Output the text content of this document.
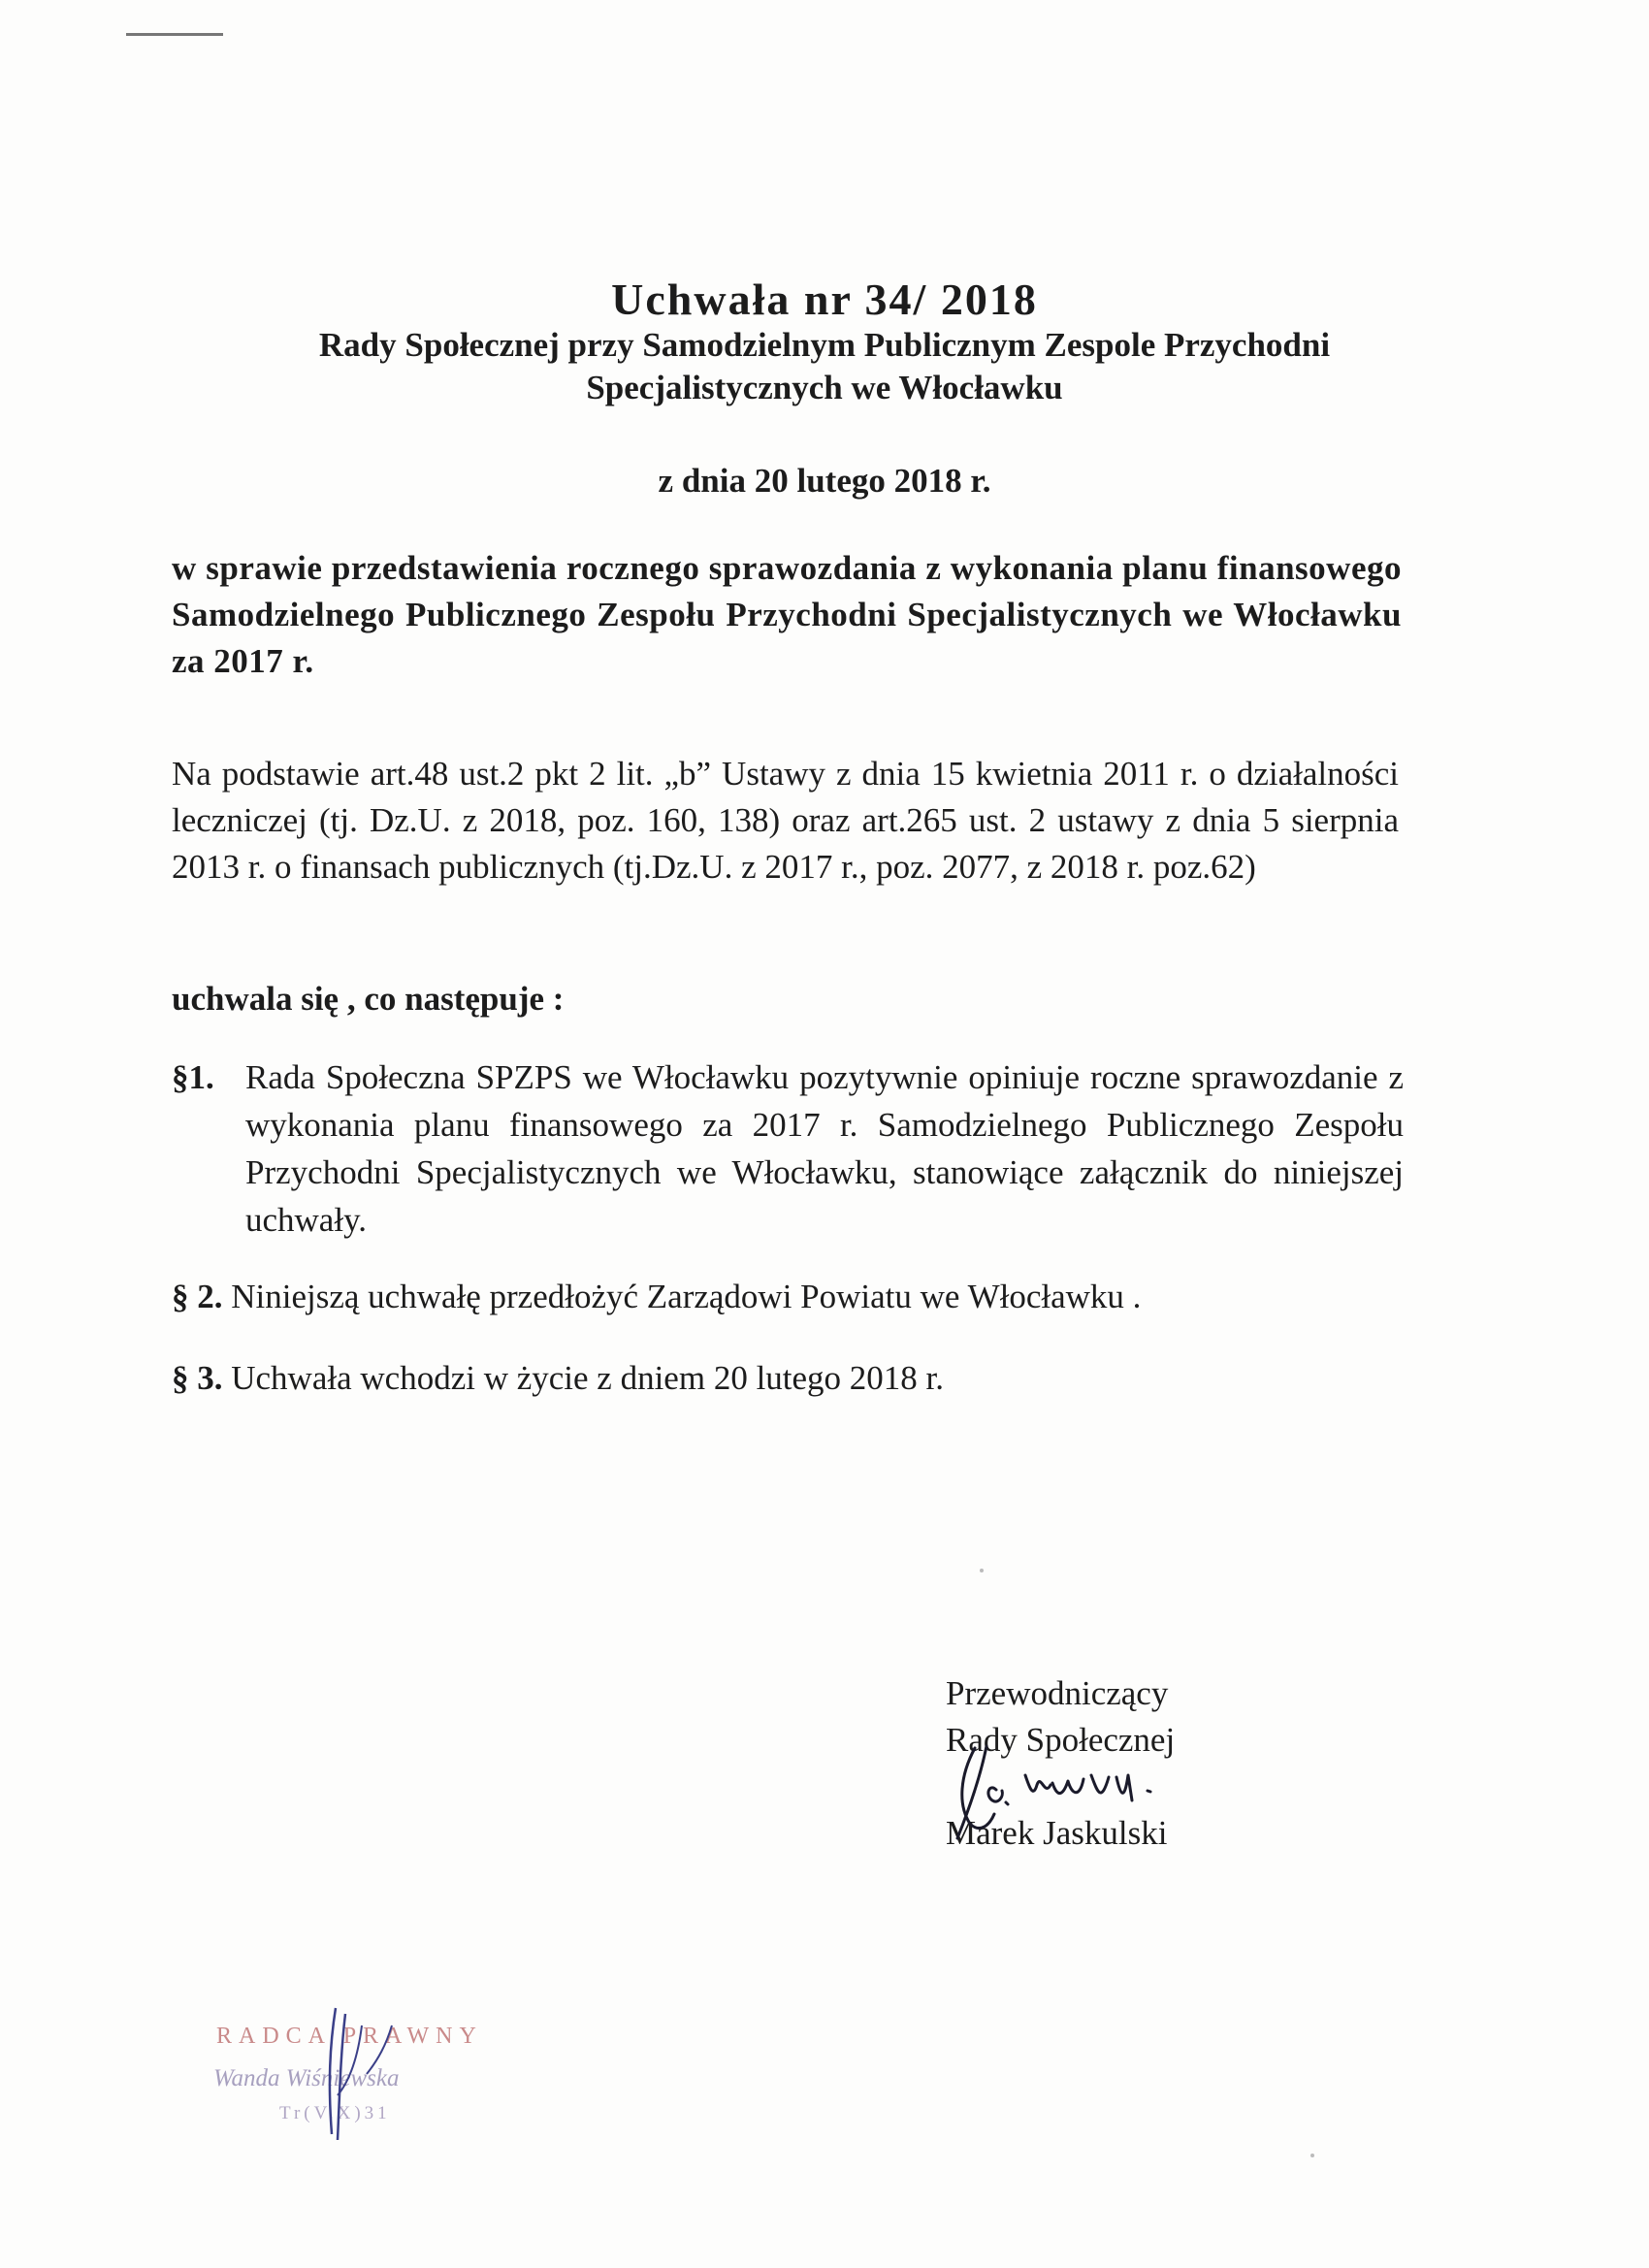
Uchwała nr 34/ 2018
Rady Społecznej przy Samodzielnym Publicznym Zespole Przychodni
Specjalistycznych we Włocławku
z dnia 20 lutego 2018 r.
w sprawie przedstawienia rocznego sprawozdania z wykonania planu finansowego Samodzielnego Publicznego Zespołu Przychodni Specjalistycznych we Włocławku za 2017 r.
Na podstawie art.48 ust.2 pkt 2 lit. „b” Ustawy z dnia 15 kwietnia 2011 r. o działalności leczniczej (tj. Dz.U. z 2018, poz. 160, 138) oraz art.265 ust. 2 ustawy z dnia 5 sierpnia 2013 r. o finansach publicznych (tj.Dz.U. z 2017 r., poz. 2077, z 2018 r. poz.62)
uchwala się , co następuje :
§1. Rada Społeczna SPZPS we Włocławku pozytywnie opiniuje roczne sprawozdanie z wykonania planu finansowego za 2017 r. Samodzielnego Publicznego Zespołu Przychodni Specjalistycznych we Włocławku, stanowiące załącznik do niniejszej uchwały.
§ 2. Niniejszą uchwałę przedłożyć Zarządowi Powiatu we Włocławku .
§ 3. Uchwała wchodzi w życie z dniem 20 lutego 2018 r.
Przewodniczący
Rady Społecznej
Marek Jaskulski
RADCA PRAWNY
Wanda Wiśniewska
Tr(V.X)31
